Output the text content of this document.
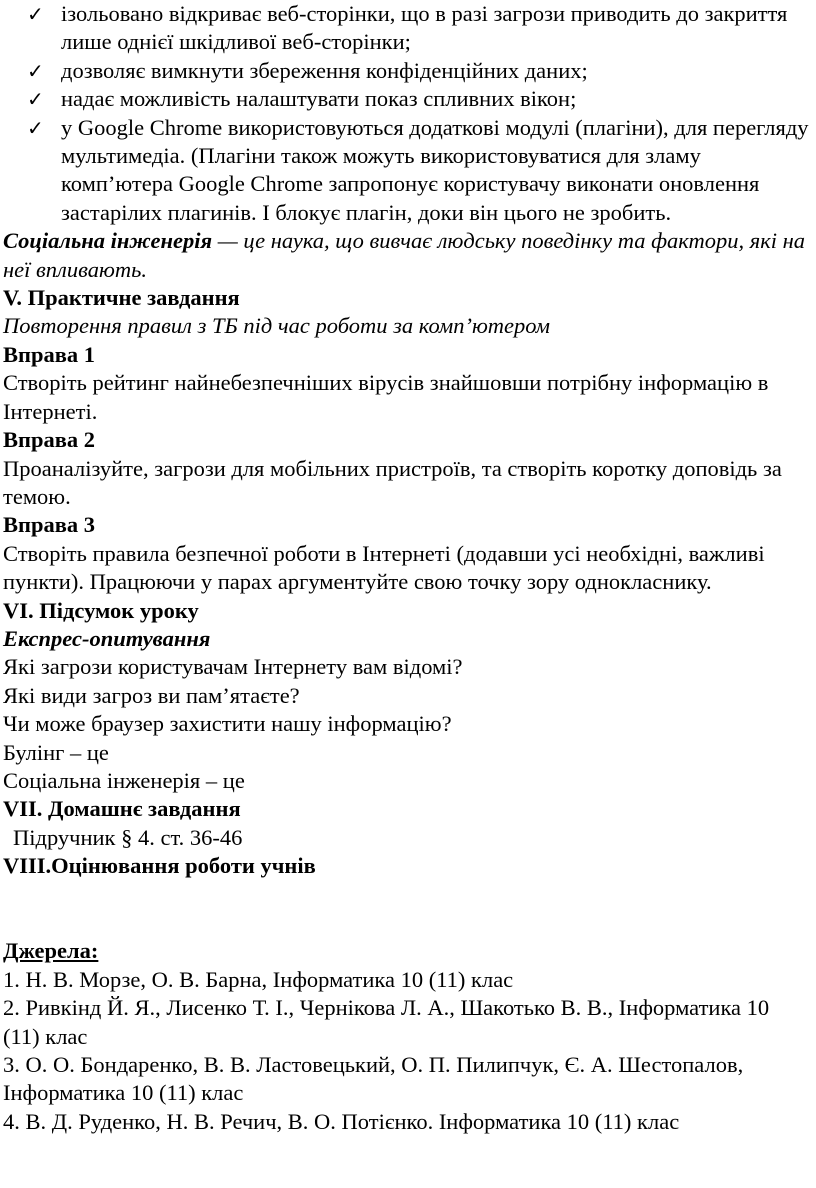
✓ ізольовано відкриває веб-сторінки, що в разі загрози приводить до закриття лише однієї шкідливої веб-сторінки;
✓ дозволяє вимкнути збереження конфіденційних даних;
✓ надає можливість налаштувати показ спливних вікон;
✓ у Google Chrome використовуються додаткові модулі (плагіни), для перегляду мультимедіа. (Плагіни також можуть використовуватися для зламу комп’ютера Google Chrome запропонує користувачу виконати оновлення застарілих плагинів. І блокує плагін, доки він цього не зробить.

Соціальна інженерія — це наука, що вивчає людську поведінку та фактори, які на неї впливають.

V. Практичне завдання

Повторення правил з ТБ під час роботи за комп’ютером

Вправа 1

Створіть рейтинг найнебезпечніших вірусів знайшовши потрібну інформацію в Інтернеті.

Вправа 2

Проаналізуйте, загрози для мобільних пристроїв, та створіть коротку доповідь за темою.

Вправа 3

Створіть правила безпечної роботи в Інтернеті (додавши усі необхідні, важливі пункти). Працюючи у парах аргументуйте свою точку зору однокласнику.

VI. Підсумок уроку

Експрес-опитування

Які загрози користувачам Інтернету вам відомі?

Які види загроз ви пам’ятаєте?

Чи може браузер захистити нашу інформацію?

Булінг – це

Соціальна інженерія – це

VII. Домашнє завдання

Підручник § 4. ст. 36-46

VIII.Оцінювання роботи учнів

Джерела:

1. Н. В. Морзе, О. В. Барна, Інформатика 10 (11) клас

2. Ривкінд Й. Я., Лисенко Т. І., Чернікова Л. А., Шакотько В. В., Інформатика 10 (11) клас

3. О. О. Бондаренко, В. В. Ластовецький, О. П. Пилипчук, Є. А. Шестопалов, Інформатика 10 (11) клас

4. В. Д. Руденко, Н. В. Речич, В. О. Потієнко. Інформатика 10 (11) клас
